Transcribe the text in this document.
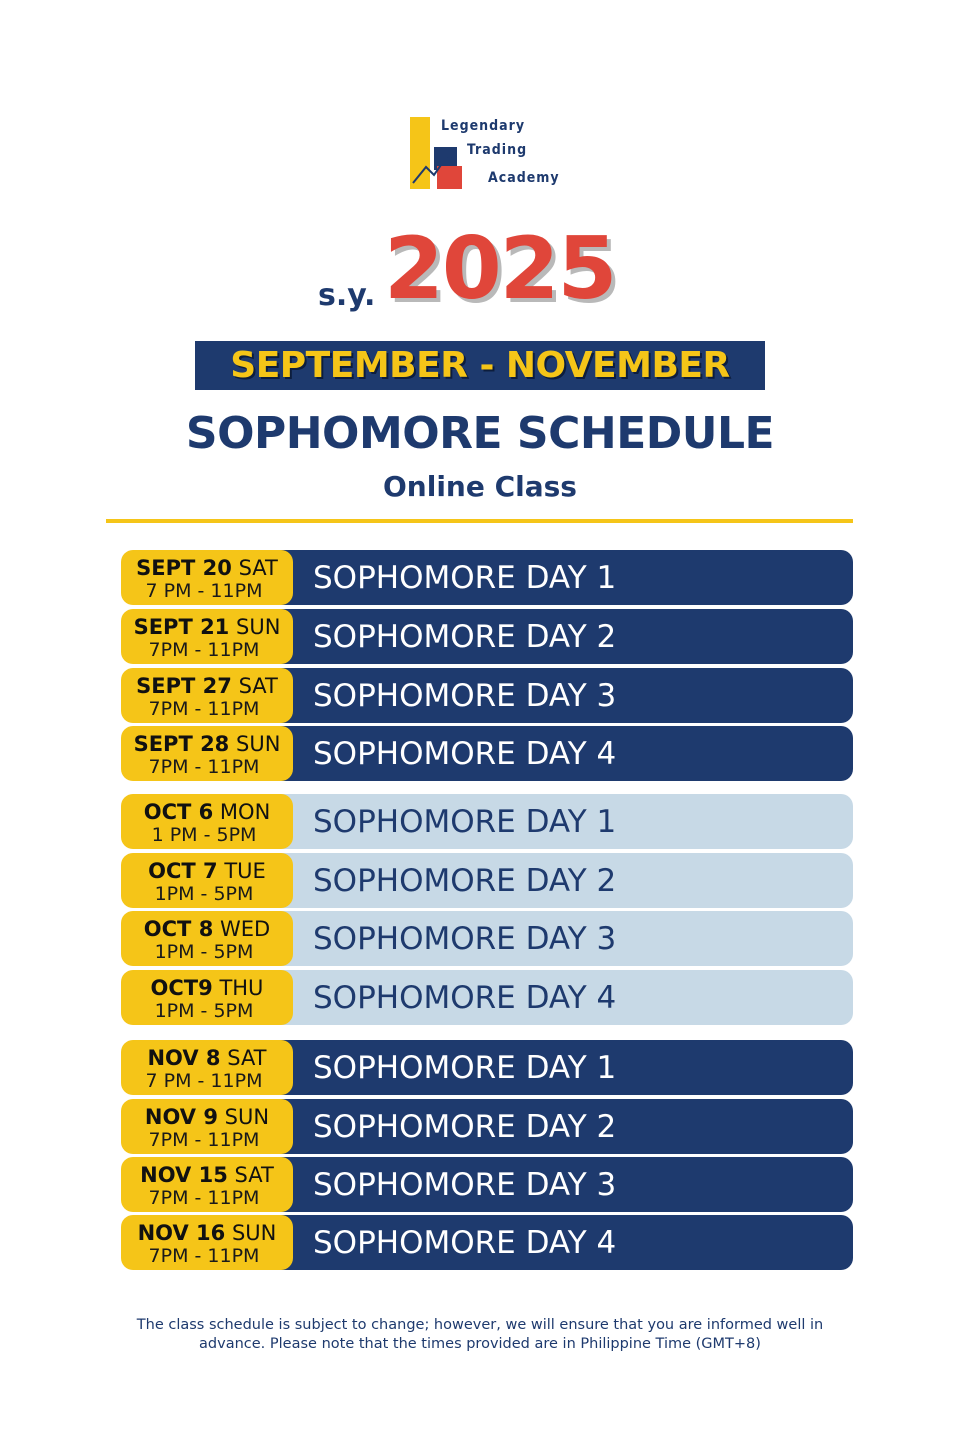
Legendary
Trading
Academy
s.y. 2025
SEPTEMBER - NOVEMBER
SOPHOMORE SCHEDULE
Online Class
SOPHOMORE DAY 1
SEPT 20 SAT
7 PM - 11PM
SOPHOMORE DAY 2
SEPT 21 SUN
7PM - 11PM
SOPHOMORE DAY 3
SEPT 27 SAT
7PM - 11PM
SOPHOMORE DAY 4
SEPT 28 SUN
7PM - 11PM
SOPHOMORE DAY 1
OCT 6 MON
1 PM - 5PM
SOPHOMORE DAY 2
OCT 7 TUE
1PM - 5PM
SOPHOMORE DAY 3
OCT 8 WED
1PM - 5PM
SOPHOMORE DAY 4
OCT9 THU
1PM - 5PM
SOPHOMORE DAY 1
NOV 8 SAT
7 PM - 11PM
SOPHOMORE DAY 2
NOV 9 SUN
7PM - 11PM
SOPHOMORE DAY 3
NOV 15 SAT
7PM - 11PM
SOPHOMORE DAY 4
NOV 16 SUN
7PM - 11PM
The class schedule is subject to change; however, we will ensure that you are informed well in
advance. Please note that the times provided are in Philippine Time (GMT+8)
